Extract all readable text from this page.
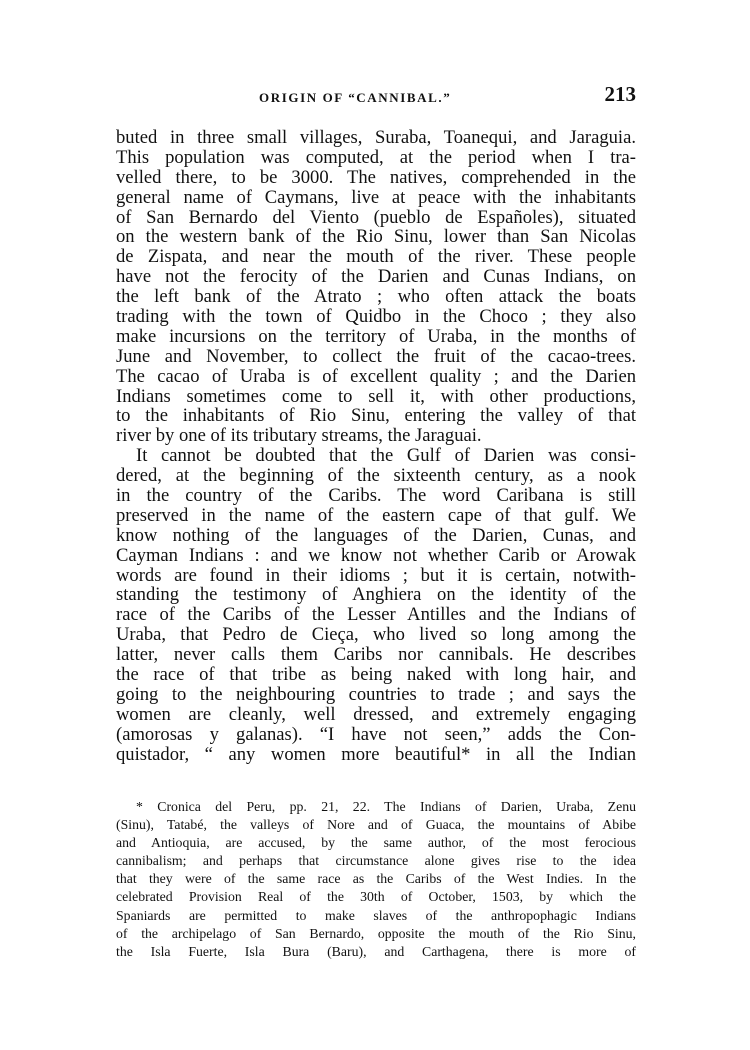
ORIGIN OF “CANNIBAL.”	213
buted in three small villages, Suraba, Toanequi, and Jaraguia.
This population was computed, at the period when I tra-
velled there, to be 3000. The natives, comprehended in the
general name of Caymans, live at peace with the inhabitants
of San Bernardo del Viento (pueblo de Españoles), situated
on the western bank of the Rio Sinu, lower than San Nicolas
de Zispata, and near the mouth of the river. These people
have not the ferocity of the Darien and Cunas Indians, on
the left bank of the Atrato ; who often attack the boats
trading with the town of Quidbo in the Choco ; they also
make incursions on the territory of Uraba, in the months of
June and November, to collect the fruit of the cacao-trees.
The cacao of Uraba is of excellent quality ; and the Darien
Indians sometimes come to sell it, with other productions,
to the inhabitants of Rio Sinu, entering the valley of that
river by one of its tributary streams, the Jaraguai.
It cannot be doubted that the Gulf of Darien was consi-
dered, at the beginning of the sixteenth century, as a nook
in the country of the Caribs. The word Caribana is still
preserved in the name of the eastern cape of that gulf. We
know nothing of the languages of the Darien, Cunas, and
Cayman Indians : and we know not whether Carib or Arowak
words are found in their idioms ; but it is certain, notwith-
standing the testimony of Anghiera on the identity of the
race of the Caribs of the Lesser Antilles and the Indians of
Uraba, that Pedro de Cieça, who lived so long among the
latter, never calls them Caribs nor cannibals. He describes
the race of that tribe as being naked with long hair, and
going to the neighbouring countries to trade ; and says the
women are cleanly, well dressed, and extremely engaging
(amorosas y galanas). “I have not seen,” adds the Con-
quistador, “ any women more beautiful* in all the Indian
* Cronica del Peru, pp. 21, 22. The Indians of Darien, Uraba, Zenu
(Sinu), Tatabé, the valleys of Nore and of Guaca, the mountains of Abibe
and Antioquia, are accused, by the same author, of the most ferocious
cannibalism; and perhaps that circumstance alone gives rise to the idea
that they were of the same race as the Caribs of the West Indies. In the
celebrated Provision Real of the 30th of October, 1503, by which the
Spaniards are permitted to make slaves of the anthropophagic Indians
of the archipelago of San Bernardo, opposite the mouth of the Rio Sinu,
the Isla Fuerte, Isla Bura (Baru), and Carthagena, there is more of
